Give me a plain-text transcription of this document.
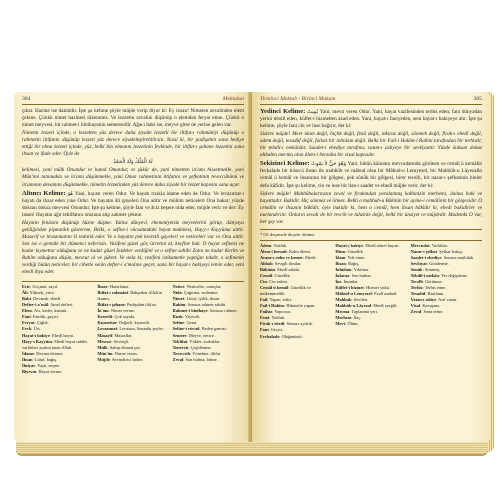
304	Mektubat

çıkar. Hazine ise daimîdir. İşte şu kelime şöyle müjde verip diyor ki: Ey insan! Nimeten zevalinden elem çekme. Çünkü nimet hazinesi tükenmez. Ve lezzetin zevalini düşünüp o elemden feryat etme. Çünkü o nimet meyvesi, bir rahmet-i bînihayenin semeresidir. Ağacı baki ise, meyve gitse de yerine gelen var.

Nimetin lezzeti içinde, o lezzetten yüz derece daha ziyade lezzetli bir iltifat-ı rahmânîyi düşünüp o rahmetin iltifatını düşünüp lezzeti yüz derece ziyadeleştirebilirsin. Nasıl ki, bir padişahın sana hediye ettiği bir elma lezzeti içinde, yüz, belki bin elmanın lezzetinin fevkinde, bir iltifat-ı şahane lezzetini sana ihsan ve ifade eder. Öyle de

لَهُ الْمُلْكُ وَلَهُ الْحَمْدُ

kelimesi, yani mülk Onundur ve hamd Onundur, ve şükür de, yani nimetten in'amı hissetmekle, yani Mün'imi tanımakla ve in'amı düşünmekle, yani Onun rahmetinin iltifatını ve şefkatinin teveccühünü ve in'amının devamını düşünmekle, nimetin lezzetinden yüz derece daha ziyade bir lezzet kapısını sana açar.

Altıncı Kelime: هُوَ Yani, hayatı veren Odur. Ve hayatı rızıkla idame eden de Odur. Ve levazımat-ı hayatı da ihzar eden yine Odur. Ve hayatın âli gayeleri Ona aittir ve mühim neticeleri Ona bakar; yüzde doksan dokuz meyvesi Onundur. İşte şu kelime, şöyle fani ve âciz beşere nida eder, müjde verir ve der: Ey insan! Hayatın ağır teklifatını omzuna alıp zahmet çekme.

Hayatın fenâsını düşünüp hüzne düşme. Yalnız dünyevî, ehemmiyetsiz meyvelerini görüp, dünyaya geldiğinden pişmanlık gösterme. Belki, o sefine-i vücudundaki hayat makinesi, Hayy-ı Kayyûma aittir. Masarif ve levazımatını O tedarik eder. Ve o hayatın pek kesretli gayeleri ve neticeleri var ve Ona aittir. Sen ise o gemide bir dümenci neferisin. Vazifeni güzel gör, ücretini al, keyfine bak. O hayat sefinesi ne kadar kıymettar olduğunu ve ne kadar güzel faideler verdiğini ve o sefine sahibi Zatın ne kadar Kerîm ve Rahîm olduğunu düşün, mesrur ol ve şükret. Ve anla ki, vezifeni istikametle yaptığın takdir, o sefinenin verdiği bütün neticeler, bir cihetle senin defter-i a'malıne geçer, sana bir hayat-ı bakiyeyi temin eder, seni ebedî ihya eder.

Ecir: Göçünü, zayıf.
Âli: Yüksek, yüce.
Baki: Devamlı, ebedî.
Defter-i a'mâl: Amel defteri.
Elem: Acı, keder, üzüntü.
Fani: Fanilik, geçici.
Feryat: Çığlık.
Fevk: Üst.
Hayat-ı bakiye: Ebedî hayat.
Hayy-ı Kayyûm: Ebedî hayat sahibi, varlıkları ayakta tutan Allah.
İdame: Devam ettirme.
İhsan: Lütuf, bağış.
İhtiyar: Yaşlı, seçme.
Bîyevm: Hayat verme.
İhzar: Hazırlama.
İltifat-ı rahmânî: Bahşeden Allah'ın ikramı.
İltifat-ı şahane: Padişahın iltifatı.
İn'am: Nimet verme.
Kesretli: Çok sayıda.
Kıymettar: Değerli, kıymetli.
Levazımat: Levazım, lüzumlu şeyler.
Masarif: Masraflar.
Mesrur: Sevinçli.
Mülk: Sahip olunan şey.
Mün'im: Nimet veren.
Müjde: Sevindirici haber.
Netice: Netiiceler, sonuçlar.
Nida: Çağırma, seslenme.
Nimet: Lütuf, iyilik, ihsan.
Rahîm: Sonsuz rahmet sahibi.
Rahmet-i bînihaye: Sınırsız rahmet.
Rızık: Yiyecek.
Sefine: Gemi.
Sefine-i vücud: Beden gemisi.
Semere: Meyve, netice.
Teklifat: Yükler, zorluklar.
Tenevvü: Çeşitlenme.
Teveccüh: Yönelme, iltifat.
Zeval: Son bulma, bitme.
Yirminci Mektub - Birinci Makam	305

Yedinci Kelime: يُمِيتُ Yani, mevti veren Odur. Yani, hayat vazifesinden terhis eden; fani dünyadan yerini tebdil eden, külfet-i hizmetten azad eden. Yani, hayat-ı faniyeden, seni hayat-ı bakiyeye alır. İşte şu kelime, şöyle fani cin ve inse bağırır, der ki:

Sizlere müjde! Mevt idam değil, hiçlik değil, fenâ değil, inkıraz değil, sönmek değil, firak-ı ebedî değil, adem değil, tesadüf değil, failsiz bir inhidam değil. Belki bir Fail-i Hakîm-i Rahîm tarafından bir terhistir, bir tebdil-i mekândır. Saadet-i ebediye tarafına, vatan-ı asliyeye bir sevkiyattır. Yüzde doksan dokuz ahbabın mecma olan âlem-i berzaha bir visal kapısıdır.

Sekizinci Kelime: وَهُوَ حَيٌّ لاَ يَمُوتُ Yani, bütün kâinatın mevcudatında görünen ve cemâl ü kemâlin fevkalade bir hüsn-ü ihsan ile mahbûb ve mâbud olan bir Mâbud-u Lemyezel, bir Mahbûb-u Lâyezalin cemâl ü kemâl ve ihsanının bir gölgesi, pek sönük bir gölgesi, birer tecelli, bir nazar-ı şefkatinin binler defa kâfidir. İşte şu kelime, cin ve inse bir ilan-ı saadet ve ebedî müjde verir, der ki:

Sizlere müjde! Mahbûbalarınızın zeval ve firakından yaralanmış kalbinizin merhemi, daima baki ve hayattadır. Bakidir. Hiç sönmez ve ölmez. Belki o mahbub-u Bâkinin bir ayine-i cemâlinin bir gölgesidir. O cemâlin ve ihsanın bâkîdir, öyle bakidir ki, hem o cemâl, hem ihsan bâkîdir ki, ebedi bakidirler ve nurlandırılır. Onların zevali de bir tevcih ve tahzinle değil, belki bir ünsiyet ve müjdedir. Mademki O var, her şey var.

* Ol: doçamcle dirçele: dörüne
Adem: Yokluk.
Âlem-i berzah: Kabir âlemi.
Avane-ı ruhu ve kemer: Ebedi.
Ahbab: Sevgili dostlar.
Bâkinin: Ebedî sahibi.
Cemâl: Güzellik.
Cin: Cin taifesi.
Cemâl ü kemâl: Güzellik ve mükemmellik.
Fail: Yapan, edici.
Fail-i Hakîm: Hikmetle yapan.
Failsiz: Yapıcısız.
Fenâ: Yokluk.
Firak-ı ebedî: Sonsuz ayrılık.
Fani: Geçici.
Fevkalade: Olağanüstü.
Hayat-ı bakiye: Ebedî ahiret hayatı.
Hüsn: Güzellik.
İdam: Yok etme.
İhsan: Bağış.
İnhidam: Yıkılma.
İnkıraz: Son bulma.
İns: İnsanlar.
Külfet-i hizmet: Hizmet yükü.
Mâbud-u Lemyezel: Ezelî mabud.
Mahbub: Sevilen.
Mahbûb-u Lâyezal: Ebedî sevgili.
Mecma: Toplanma yeri.
Merhem: İlaç.
Mevt: Ölüm.
Mevcudat: Varlıklar.
Nazar-ı şefkat: Şefkat bakışı.
Saadet-i ebediye: Sonsuz mutluluk.
Sevkiyat: Gönderme.
Sönük: Sönmüş.
Tebdil-i mekân: Yer değiştirme.
Tecelli: Görünme.
Terhis: Terhis etme.
Tesadüf: Rastlantı.
Vatan-ı asliye: Asıl vatan.
Visal: Kavuşma.
Zeval: Sona erme.
